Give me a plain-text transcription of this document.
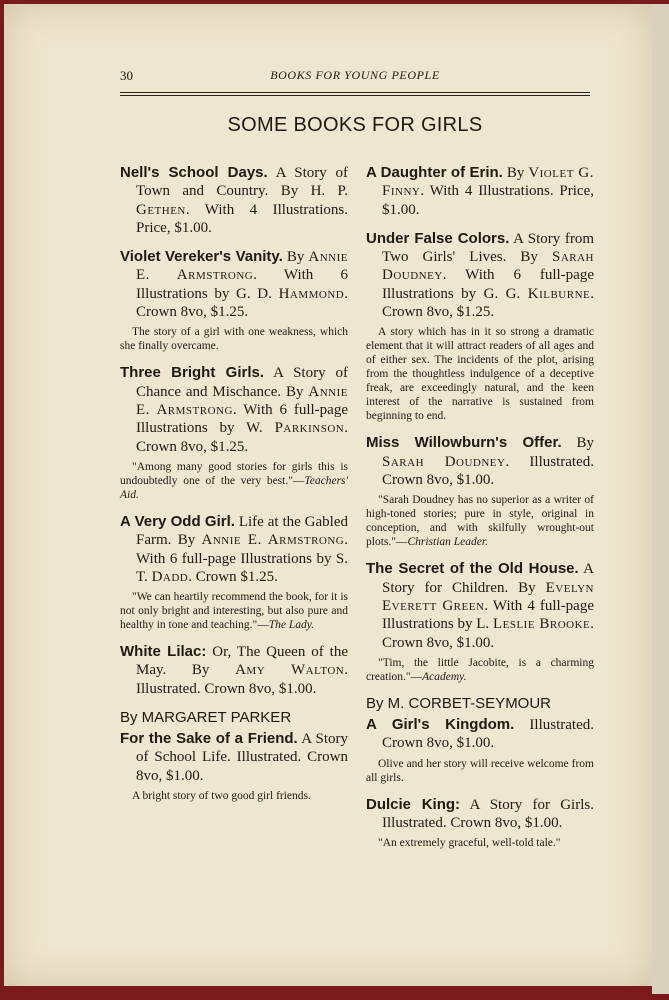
30	BOOKS FOR YOUNG PEOPLE
SOME BOOKS FOR GIRLS

Nell's School Days. A Story of Town and Country. By H. P. Gethen. With 4 Illustrations. Price, $1.00.

Violet Vereker's Vanity. By Annie E. Armstrong. With 6 Illustrations by G. D. Hammond. Crown 8vo, $1.25.

The story of a girl with one weakness, which she finally overcame.

Three Bright Girls. A Story of Chance and Mischance. By Annie E. Armstrong. With 6 full-page Illustrations by W. Parkinson. Crown 8vo, $1.25.

"Among many good stories for girls this is undoubtedly one of the very best."—Teachers' Aid.

A Very Odd Girl. Life at the Gabled Farm. By Annie E. Armstrong. With 6 full-page Illustrations by S. T. Dadd. Crown $1.25.

"We can heartily recommend the book, for it is not only bright and interesting, but also pure and healthy in tone and teaching."—The Lady.

White Lilac: Or, The Queen of the May. By Amy Walton. Illustrated. Crown 8vo, $1.00.

By MARGARET PARKER

For the Sake of a Friend. A Story of School Life. Illustrated. Crown 8vo, $1.00.

A bright story of two good girl friends.

A Daughter of Erin. By Violet G. Finny. With 4 Illustrations. Price, $1.00.

Under False Colors. A Story from Two Girls' Lives. By Sarah Doudney. With 6 full-page Illustrations by G. G. Kilburne. Crown 8vo, $1.25.

A story which has in it so strong a dramatic element that it will attract readers of all ages and of either sex. The incidents of the plot, arising from the thoughtless indulgence of a deceptive freak, are exceedingly natural, and the keen interest of the narrative is sustained from beginning to end.

Miss Willowburn's Offer. By Sarah Doudney. Illustrated. Crown 8vo, $1.00.

"Sarah Doudney has no superior as a writer of high-toned stories; pure in style, original in conception, and with skilfully wrought-out plots."—Christian Leader.

The Secret of the Old House. A Story for Children. By Evelyn Everett Green. With 4 full-page Illustrations by L. Leslie Brooke. Crown 8vo, $1.00.

"Tim, the little Jacobite, is a charming creation."—Academy.

By M. CORBET-SEYMOUR

A Girl's Kingdom. Illustrated. Crown 8vo, $1.00.

Olive and her story will receive welcome from all girls.

Dulcie King: A Story for Girls. Illustrated. Crown 8vo, $1.00.

"An extremely graceful, well-told tale."
